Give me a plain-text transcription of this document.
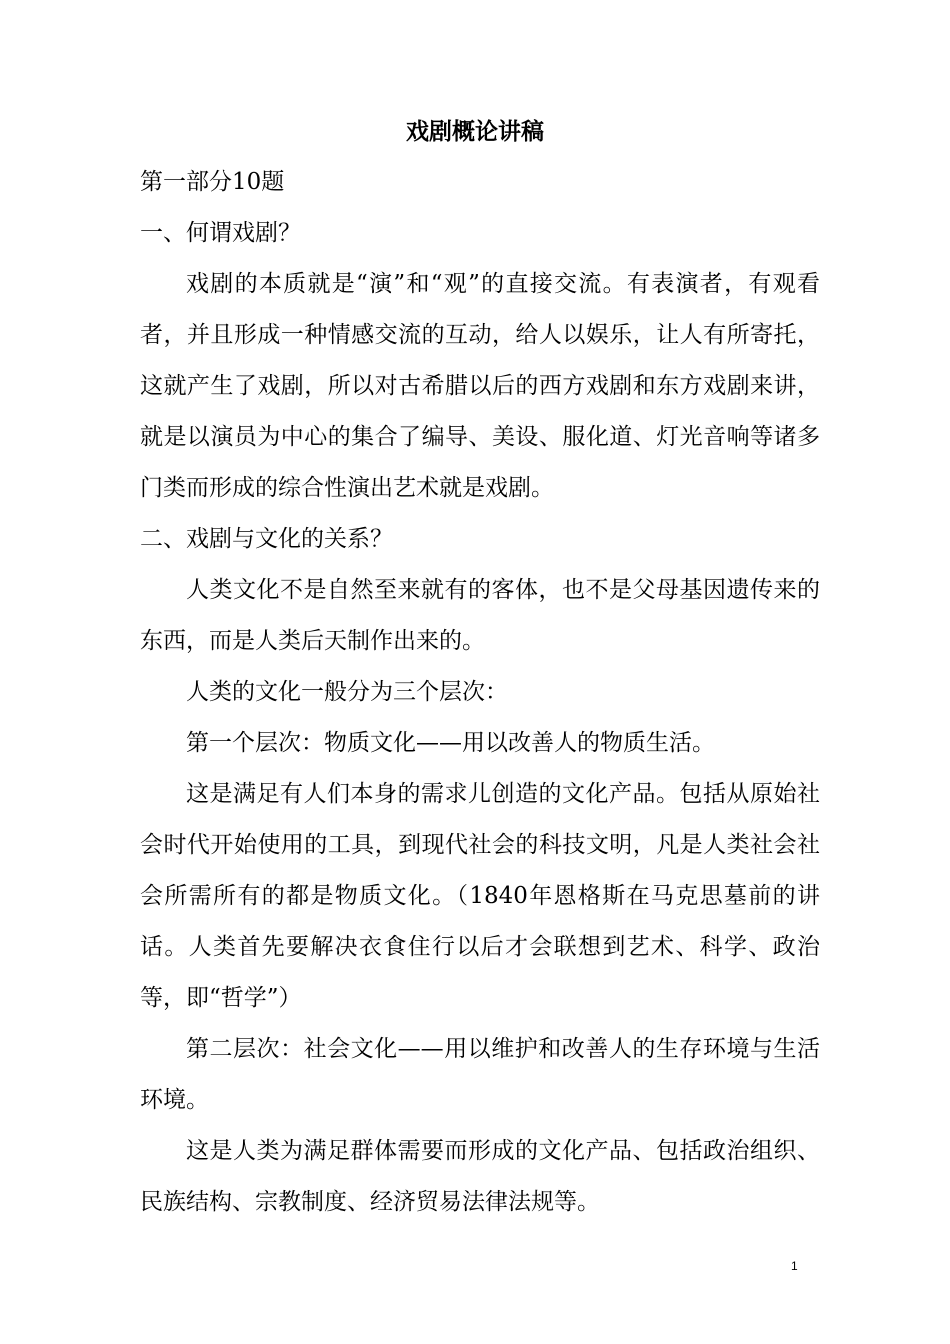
戏剧概论讲稿

第一部分10题

一、何谓戏剧？

戏剧的本质就是“演”和“观”的直接交流。有表演者，有观看者，并且形成一种情感交流的互动，给人以娱乐，让人有所寄托，这就产生了戏剧，所以对古希腊以后的西方戏剧和东方戏剧来讲，就是以演员为中心的集合了编导、美设、服化道、灯光音响等诸多门类而形成的综合性演出艺术就是戏剧。

二、戏剧与文化的关系？

人类文化不是自然至来就有的客体，也不是父母基因遗传来的东西，而是人类后天制作出来的。

人类的文化一般分为三个层次：

第一个层次：物质文化——用以改善人的物质生活。

这是满足有人们本身的需求儿创造的文化产品。包括从原始社会时代开始使用的工具，到现代社会的科技文明，凡是人类社会社会所需所有的都是物质文化。（1840年恩格斯在马克思墓前的讲话。人类首先要解决衣食住行以后才会联想到艺术、科学、政治等，即“哲学”）

第二层次：社会文化——用以维护和改善人的生存环境与生活环境。

这是人类为满足群体需要而形成的文化产品、包括政治组织、民族结构、宗教制度、经济贸易法律法规等。

1
